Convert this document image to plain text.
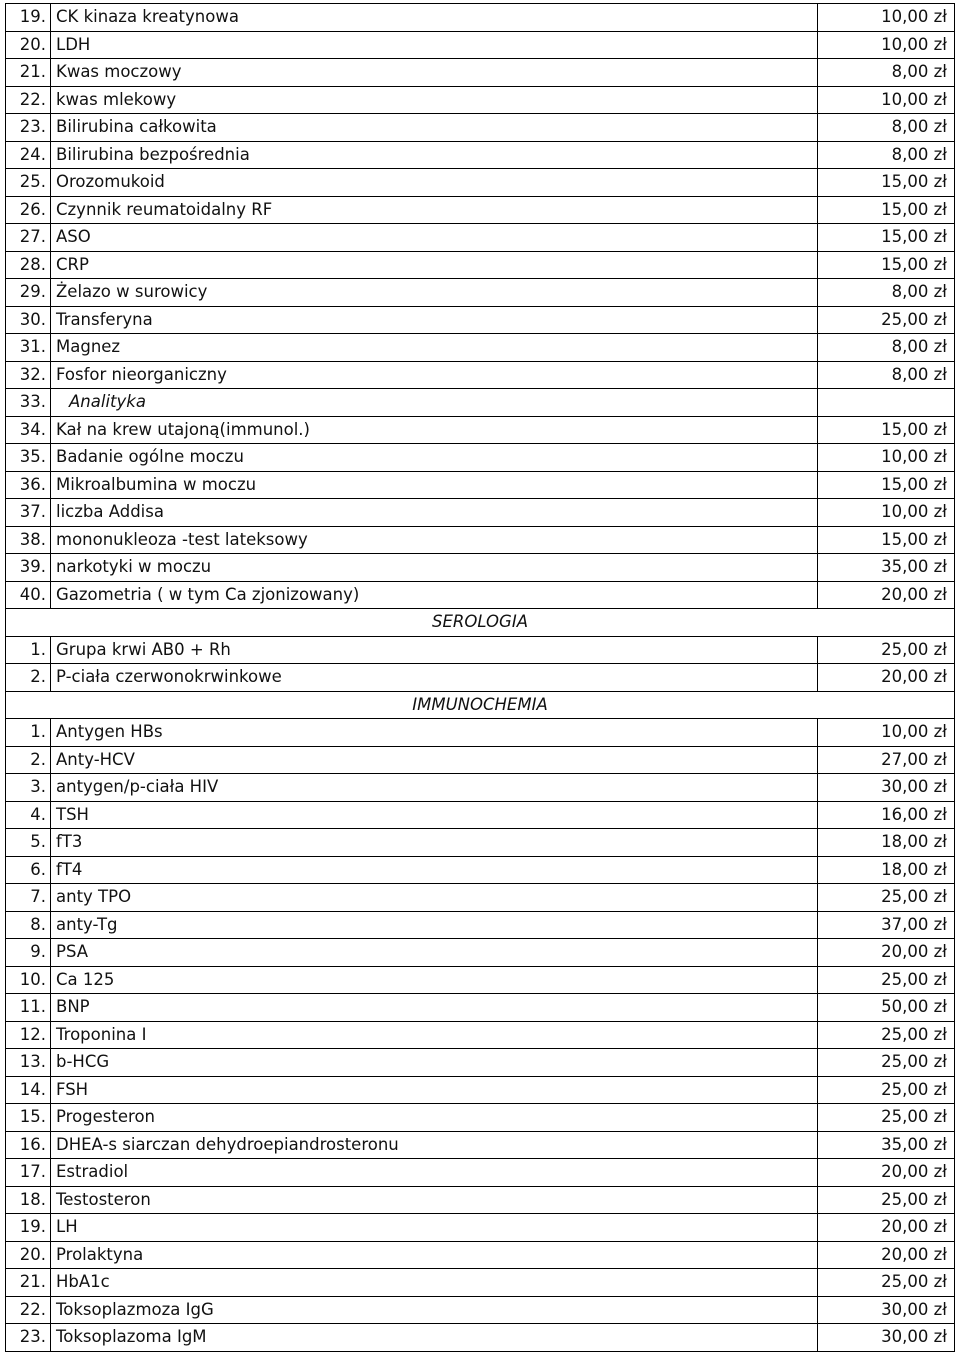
19.	CK kinaza kreatynowa	10,00 zł
20.	LDH	10,00 zł
21.	Kwas moczowy	8,00 zł
22.	kwas mlekowy	10,00 zł
23.	Bilirubina całkowita	8,00 zł
24.	Bilirubina bezpośrednia	8,00 zł
25.	Orozomukoid	15,00 zł
26.	Czynnik reumatoidalny RF	15,00 zł
27.	ASO	15,00 zł
28.	CRP	15,00 zł
29.	Żelazo w surowicy	8,00 zł
30.	Transferyna	25,00 zł
31.	Magnez	8,00 zł
32.	Fosfor nieorganiczny	8,00 zł
33.	Analityka	
34.	Kał na krew utajoną(immunol.)	15,00 zł
35.	Badanie ogólne moczu	10,00 zł
36.	Mikroalbumina w moczu	15,00 zł
37.	liczba Addisa	10,00 zł
38.	mononukleoza -test lateksowy	15,00 zł
39.	narkotyki w moczu	35,00 zł
40.	Gazometria ( w tym Ca zjonizowany)	20,00 zł
SEROLOGIA		
1.	Grupa krwi AB0 + Rh	25,00 zł
2.	P-ciała czerwonokrwinkowe	20,00 zł
IMMUNOCHEMIA		
1.	Antygen HBs	10,00 zł
2.	Anty-HCV	27,00 zł
3.	antygen/p-ciała HIV	30,00 zł
4.	TSH	16,00 zł
5.	fT3	18,00 zł
6.	fT4	18,00 zł
7.	anty TPO	25,00 zł
8.	anty-Tg	37,00 zł
9.	PSA	20,00 zł
10.	Ca 125	25,00 zł
11.	BNP	50,00 zł
12.	Troponina I	25,00 zł
13.	b-HCG	25,00 zł
14.	FSH	25,00 zł
15.	Progesteron	25,00 zł
16.	DHEA-s siarczan dehydroepiandrosteronu	35,00 zł
17.	Estradiol	20,00 zł
18.	Testosteron	25,00 zł
19.	LH	20,00 zł
20.	Prolaktyna	20,00 zł
21.	HbA1c	25,00 zł
22.	Toksoplazmoza IgG	30,00 zł
23.	Toksoplazoma IgM	30,00 zł
